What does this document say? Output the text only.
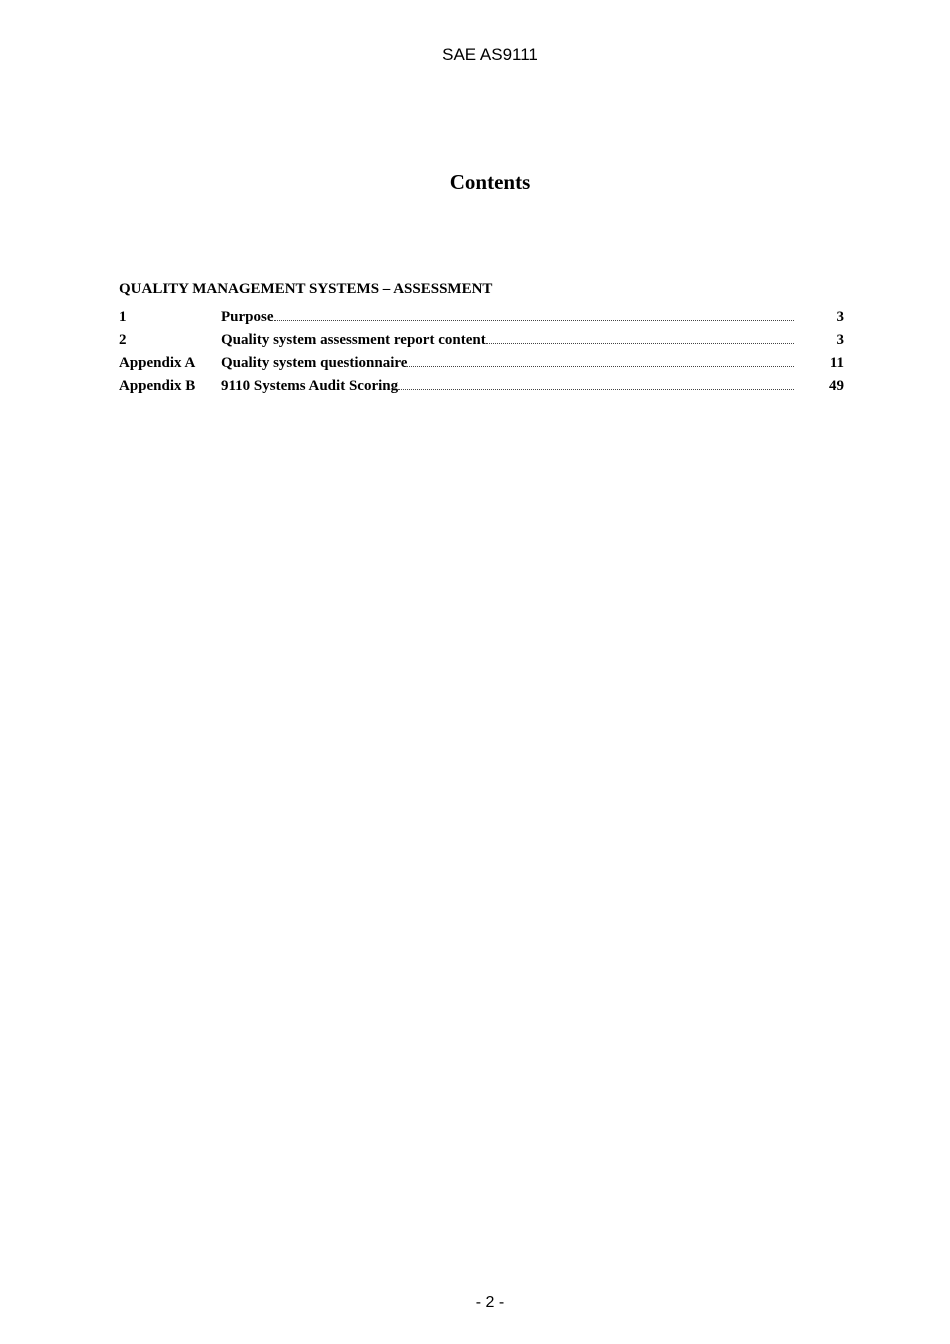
SAE AS9111
Contents
QUALITY MANAGEMENT SYSTEMS – ASSESSMENT
1	Purpose	3
2	Quality system assessment report content	3
Appendix A	Quality system questionnaire	11
Appendix B	9110 Systems Audit Scoring	49
- 2 -
